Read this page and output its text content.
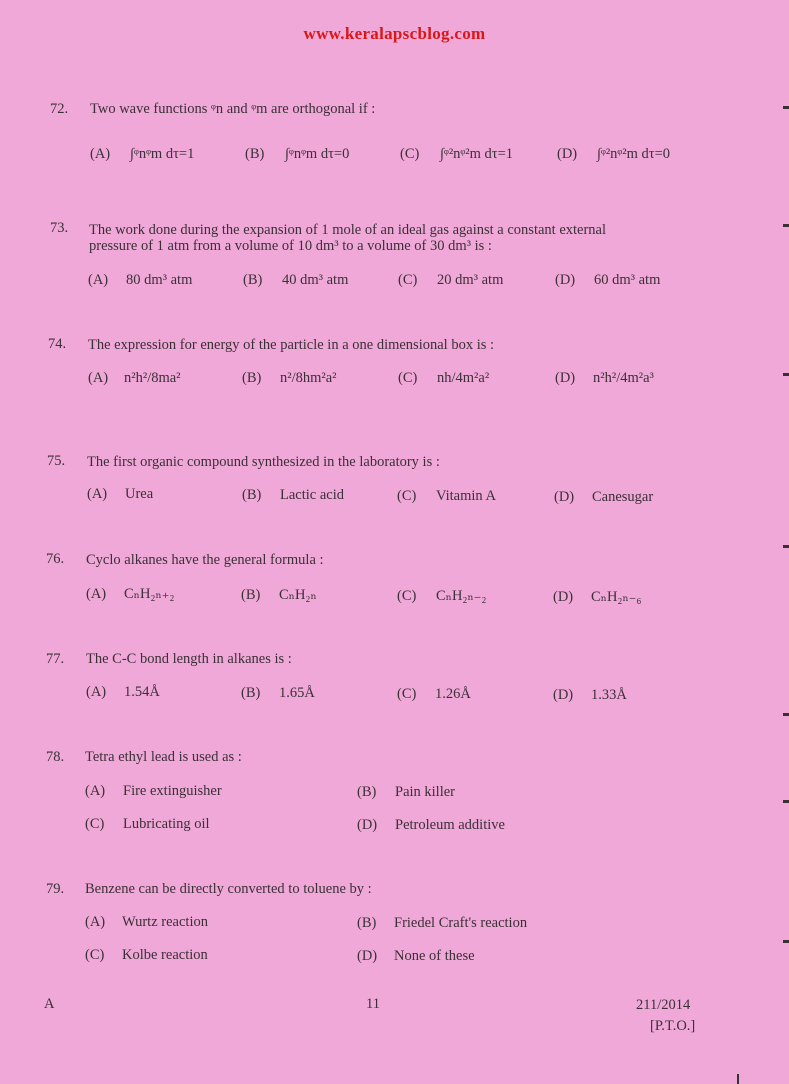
www.keralapscblog.com
72. Two wave functions ᵠn and ᵠm are orthogonal if :
(A) ∫ᵠnᵠm dτ=1	(B) ∫ᵠnᵠm dτ=0	(C) ∫ᵠ²nᵠ²m dτ=1	(D) ∫ᵠ²nᵠ²m dτ=0
73. The work done during the expansion of 1 mole of an ideal gas against a constant external
pressure of 1 atm from a volume of 10 dm³ to a volume of 30 dm³ is :
(A) 80 dm³ atm	(B) 40 dm³ atm	(C) 20 dm³ atm	(D) 60 dm³ atm
74. The expression for energy of the particle in a one dimensional box is :
(A) n²h²/8ma²	(B) n²/8hm²a²	(C) nh/4m²a²	(D) n²h²/4m²a³
75. The first organic compound synthesized in the laboratory is :
(A) Urea	(B) Lactic acid	(C) Vitamin A	(D) Canesugar
76. Cyclo alkanes have the general formula :
(A) CₙH₂ₙ₊₂	(B) CₙH₂ₙ	(C) CₙH₂ₙ₋₂	(D) CₙH₂ₙ₋₆
77. The C-C bond length in alkanes is :
(A) 1.54Å	(B) 1.65Å	(C) 1.26Å	(D) 1.33Å
78. Tetra ethyl lead is used as :
(A) Fire extinguisher	(B) Pain killer
(C) Lubricating oil	(D) Petroleum additive
79. Benzene can be directly converted to toluene by :
(A) Wurtz reaction	(B) Friedel Craft's reaction
(C) Kolbe reaction	(D) None of these
A	11	211/2014
[P.T.O.]
